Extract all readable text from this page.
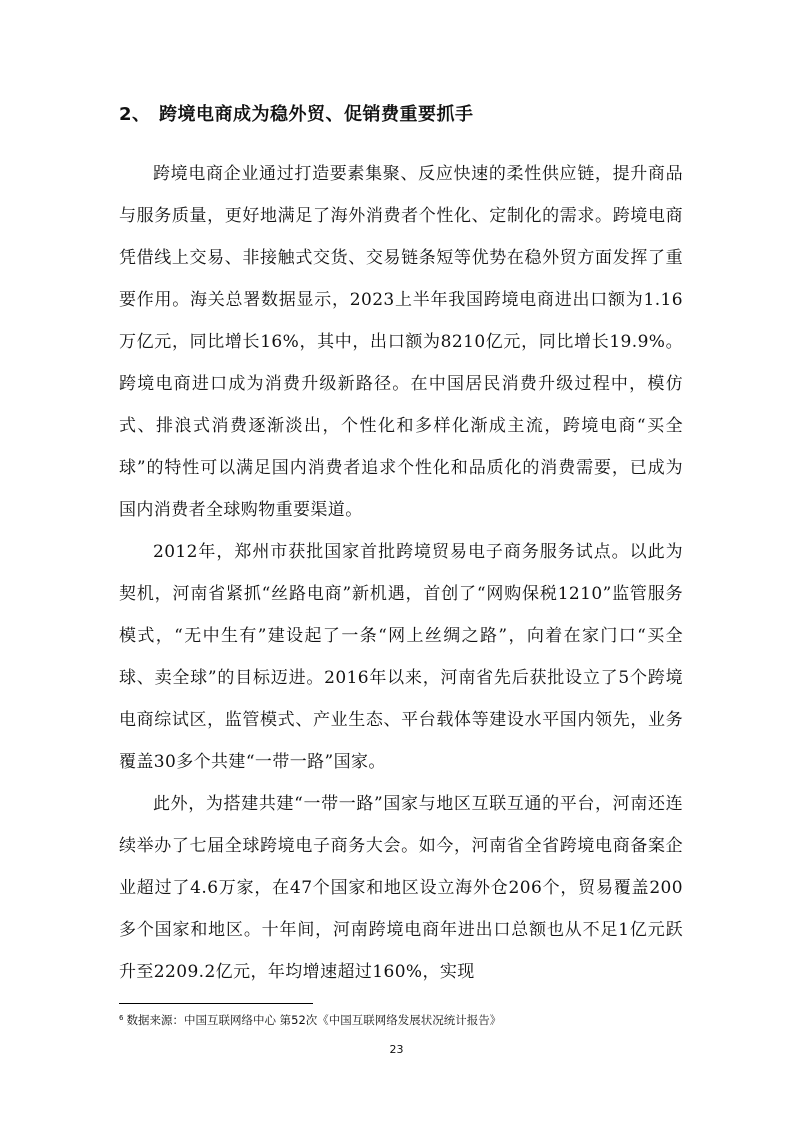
2、 跨境电商成为稳外贸、促销费重要抓手

跨境电商企业通过打造要素集聚、反应快速的柔性供应链，提升商品与服务质量，更好地满足了海外消费者个性化、定制化的需求。跨境电商凭借线上交易、非接触式交货、交易链条短等优势在稳外贸方面发挥了重要作用。海关总署数据显示，2023上半年我国跨境电商进出口额为1.16万亿元，同比增长16%，其中，出口额为8210亿元，同比增长19.9%。跨境电商进口成为消费升级新路径。在中国居民消费升级过程中，模仿式、排浪式消费逐渐淡出，个性化和多样化渐成主流，跨境电商“买全球”的特性可以满足国内消费者追求个性化和品质化的消费需要，已成为国内消费者全球购物重要渠道。

2012年，郑州市获批国家首批跨境贸易电子商务服务试点。以此为契机，河南省紧抓“丝路电商”新机遇，首创了“网购保税1210”监管服务模式，“无中生有”建设起了一条“网上丝绸之路”，向着在家门口“买全球、卖全球”的目标迈进。2016年以来，河南省先后获批设立了5个跨境电商综试区，监管模式、产业生态、平台载体等建设水平国内领先，业务覆盖30多个共建“一带一路”国家。

此外，为搭建共建“一带一路”国家与地区互联互通的平台，河南还连续举办了七届全球跨境电子商务大会。如今，河南省全省跨境电商备案企业超过了4.6万家，在47个国家和地区设立海外仓206个，贸易覆盖200多个国家和地区。十年间，河南跨境电商年进出口总额也从不足1亿元跃升至2209.2亿元，年均增速超过160%，实现

$^6$ 数据来源：中国互联网络中心 第52次《中国互联网络发展状况统计报告》
23
